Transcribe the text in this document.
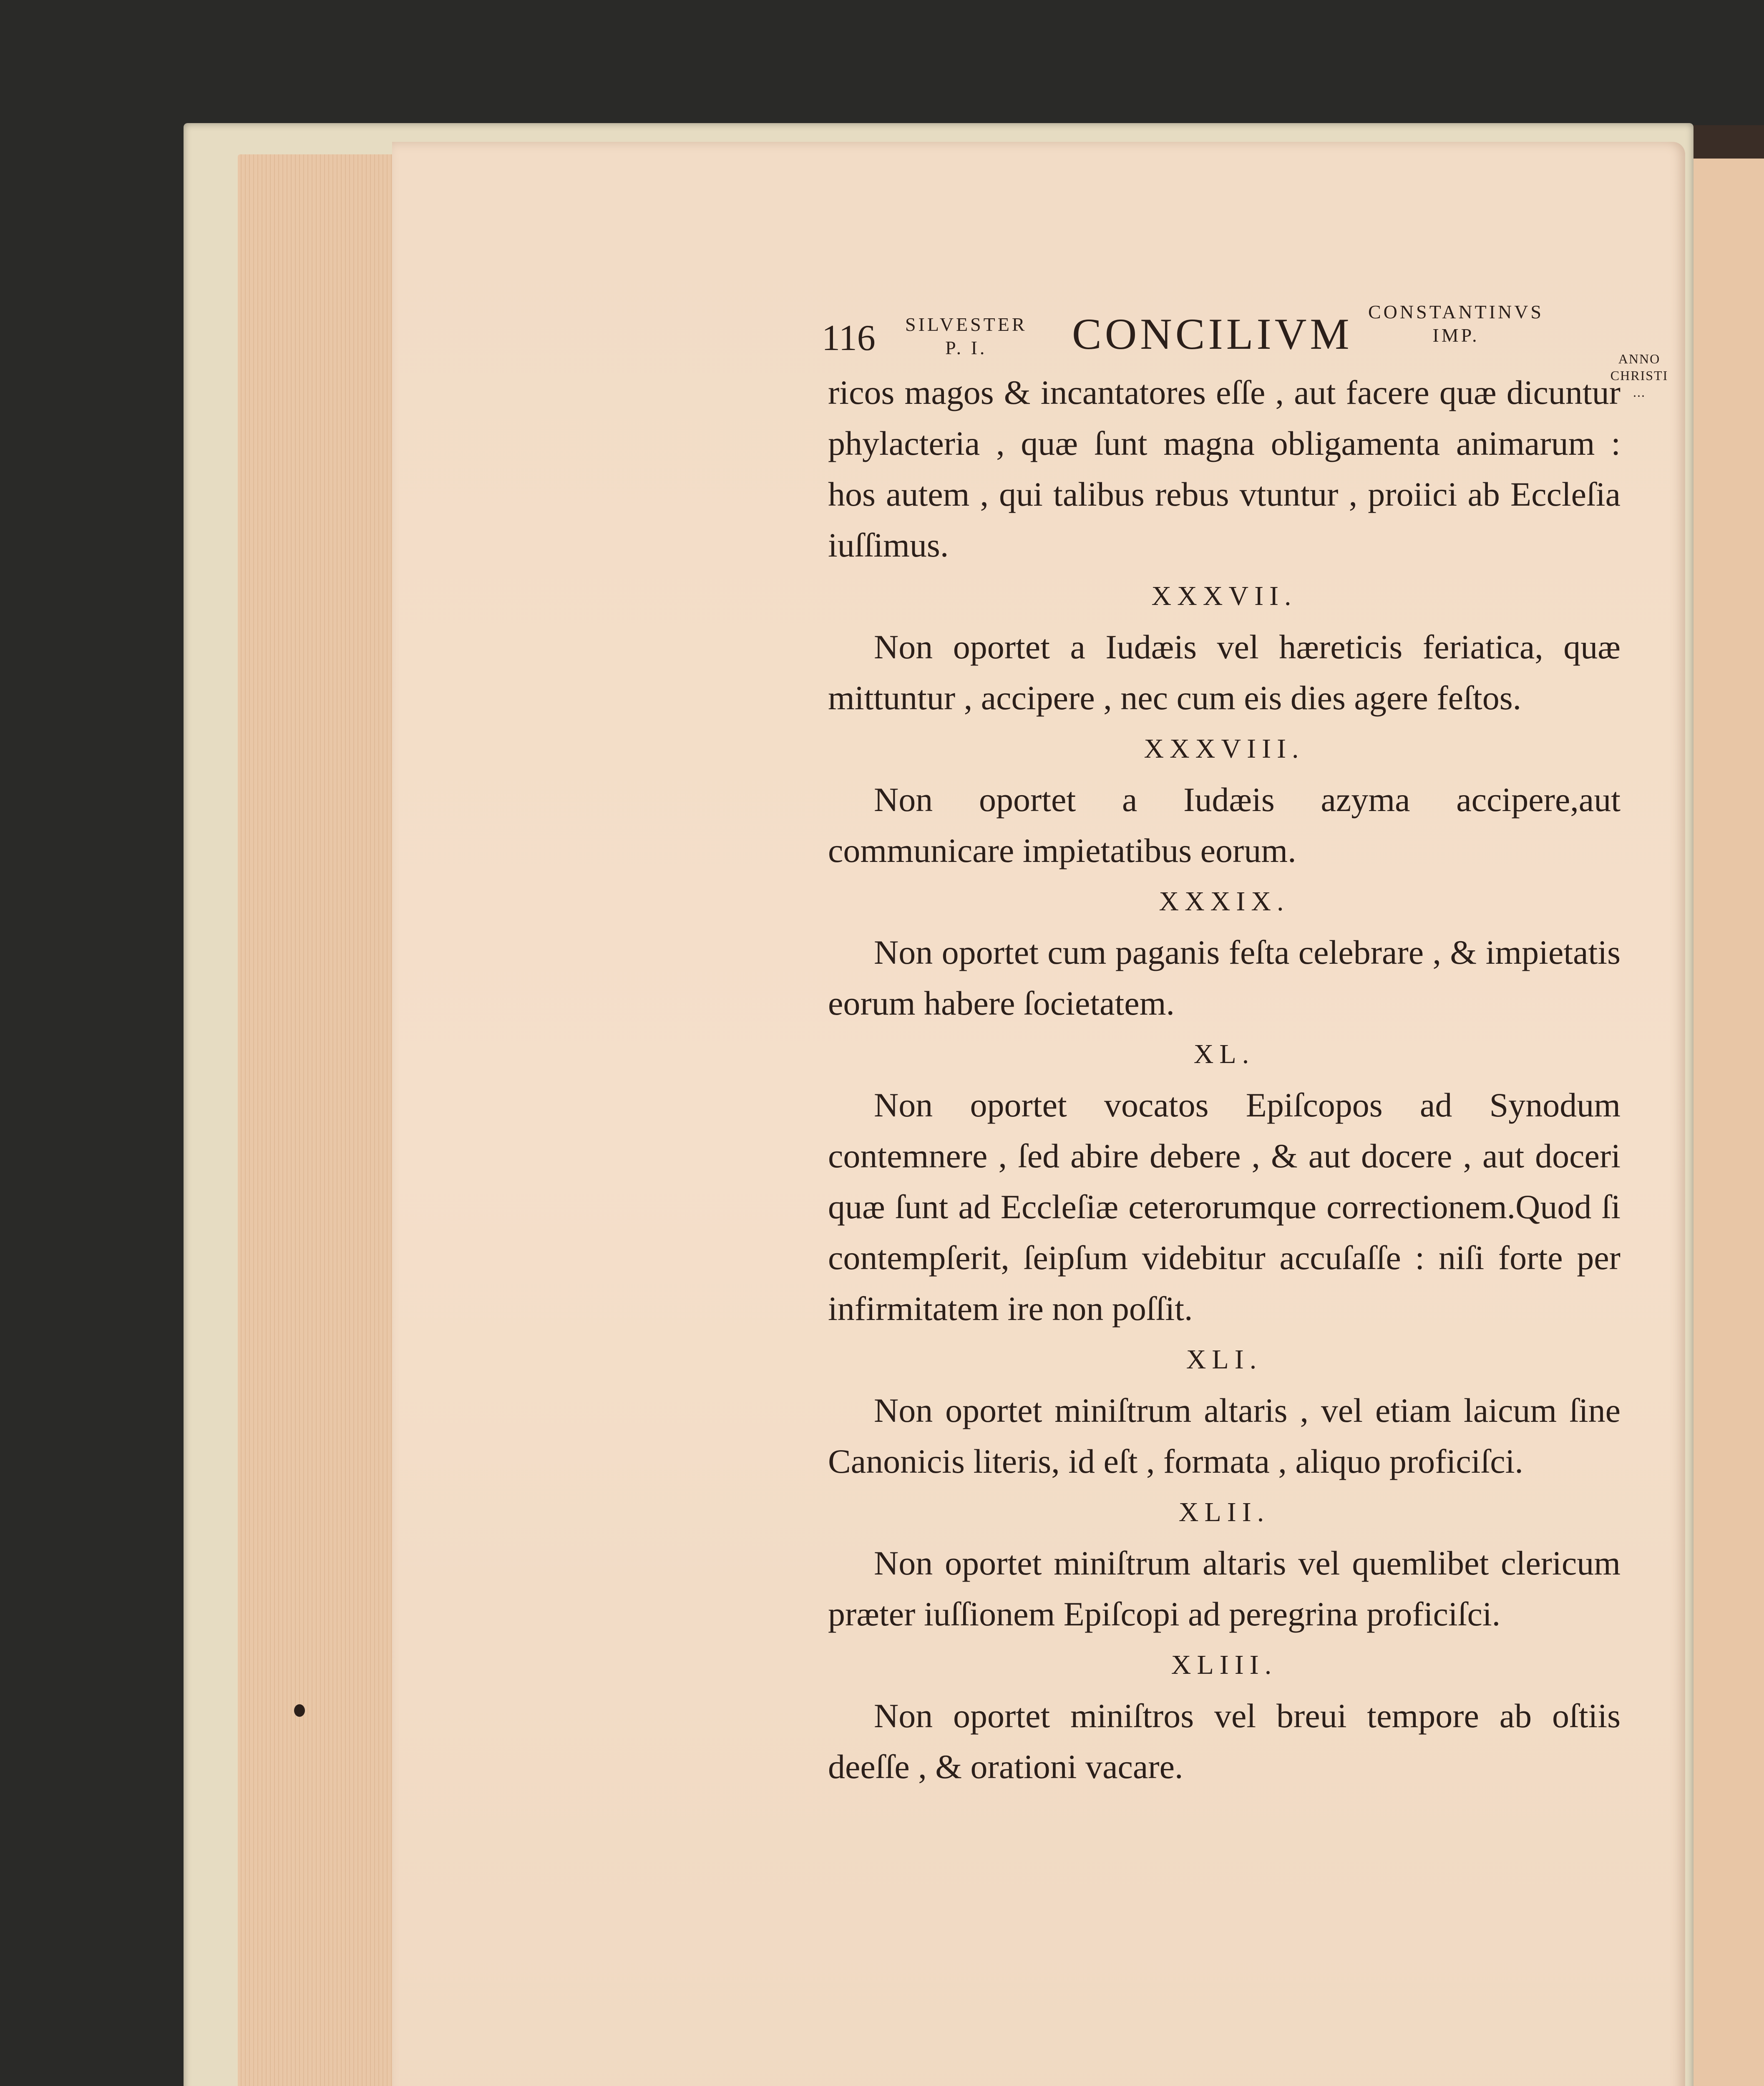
116 SILVESTER
P. I.	CONCILIVM CONSTANTINVS
IMP.
ANNO
CHRISTI
...

ricos magos & incantatores eſſe , aut facere quæ dicuntur phylacteria , quæ ſunt magna obligamenta animarum : hos autem , qui talibus rebus vtuntur , proiici ab Eccleſia iuſſimus.

XXXVII.

Non oportet a Iudæis vel hæreticis feriatica, quæ mittuntur , accipere , nec cum eis dies agere feſtos.

XXXVIII.

Non oportet a Iudæis azyma accipere,aut communicare impietatibus eorum.

XXXIX.

Non oportet cum paganis feſta celebrare , & impietatis eorum habere ſocietatem.

XL.

Non oportet vocatos Epiſcopos ad Synodum contemnere , ſed abire debere , & aut docere , aut doceri quæ ſunt ad Eccleſiæ ceterorumque correctionem.Quod ſi contempſerit, ſeipſum videbitur accuſaſſe : niſi forte per infirmitatem ire non poſſit.

XLI.

Non oportet miniſtrum altaris , vel etiam laicum ſine Canonicis literis, id eſt , formata , aliquo proficiſci.

XLII.

Non oportet miniſtrum altaris vel quemlibet clericum præter iuſſionem Epiſcopi ad peregrina proficiſci.

XLIII.

Non oportet miniſtros vel breui tempore ab oſtiis deeſſe , & orationi vacare.
